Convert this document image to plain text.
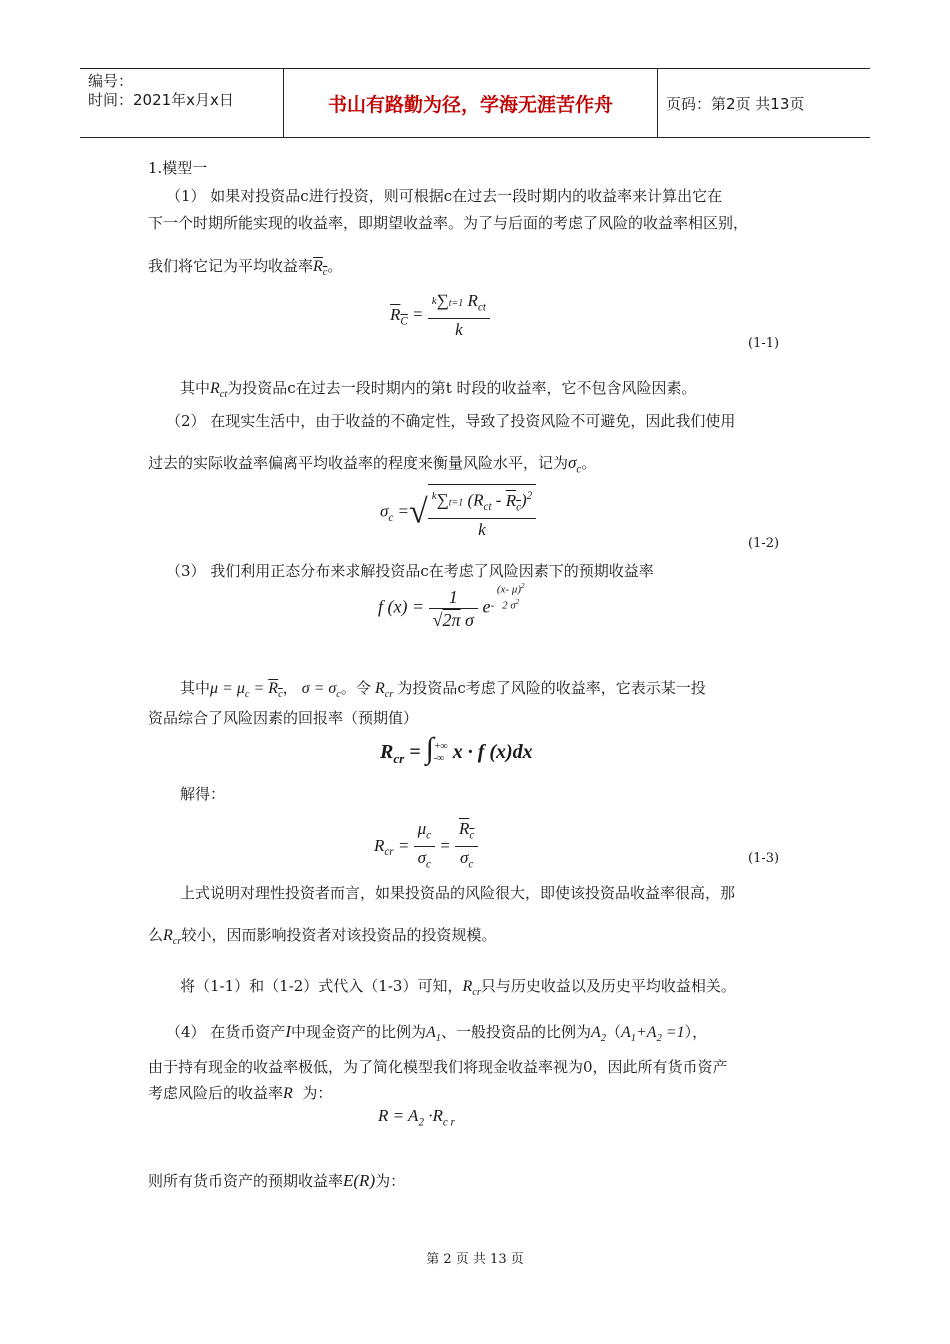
编号：
时间：2021年x月x日	书山有路勤为径，学海无涯苦作舟	页码：第2页 共13页
1.模型一
（1） 如果对投资品c进行投资，则可根据c在过去一段时期内的收益率来计算出它在
下一个时期所能实现的收益率，即期望收益率。为了与后面的考虑了风险的收益率相区别，
我们将它记为平均收益率$R_c$。
$R_C = \frac{^k\sum t=1 R_{ct}}{k}$
(1-1)
其中$R_{ct}$为投资品c在过去一段时期内的第t 时段的收益率，它不包含风险因素。
（2） 在现实生活中，由于收益的不确定性，导致了投资风险不可避免，因此我们使用
过去的实际收益率偏离平均收益率的程度来衡量风险水平，记为$\sigma_c$。
$\sigma_c$ =√ $\frac{^k\sum t=1 (R_{ct} - R_c)^2}{k}$
(1-2)
（3） 我们利用正态分布来求解投资品c在考虑了风险因素下的预期收益率
f $(x) = \frac{1}{\text{√2π σ}} e-$
(x- μ)$^2$
2 $\sigma^2$
其中$\mu = \mu_c = R_c$， $\sigma = \sigma_c$。令 $R_{cr}$ 为投资品c考虑了风险的收益率，它表示某一投
资品综合了风险因素的回报率（预期值）
$R_{cr}$ = ∫ +∞
-∞ x · f (x)dx
解得：
$R_{cr} = \frac{\mu_c}{\sigma_c} = \frac{R_c}{\sigma_c}$	(1-3)
上式说明对理性投资者而言，如果投资品的风险很大，即使该投资品收益率很高，那
么$R_{cr}$较小，因而影响投资者对该投资品的投资规模。
将（1-1）和（1-2）式代入（1-3）可知，$R_{cr}$只与历史收益以及历史平均收益相关。
（4） 在货币资产I中现金资产的比例为$A_1$、一般投资品的比例为$A_2(A_1+A_2 =1)$，
由于持有现金的收益率极低，为了简化模型我们将现金收益率视为0，因此所有货币资产
考虑风险后的收益率R 为：
$R = A_2 \cdot R_{c r}$
则所有货币资产的预期收益率E(R)为：
第 2 页 共 13 页
